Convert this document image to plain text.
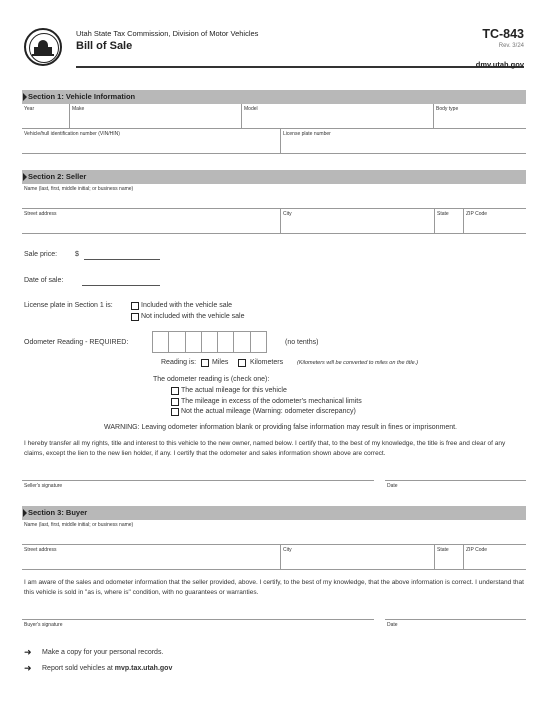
Utah State Tax Commission, Division of Motor Vehicles
Bill of Sale
TC-843
Rev. 3/24
dmv.utah.gov
Section 1: Vehicle Information
Year	Make	Model	Body type
Vehicle/hull identification number (VIN/HIN)	License plate number
Section 2: Seller
Name (last, first, middle initial; or business name)
Street address	City	State	ZIP Code
Sale price:	$
Date of sale:
License plate in Section 1 is:	Included with the vehicle sale
Not included with the vehicle sale
Odometer Reading - REQUIRED:	(no tenths)
Reading is: Miles	Kilometers	(Kilometers will be converted to miles on the title.)
The odometer reading is (check one):
The actual mileage for this vehicle
The mileage in excess of the odometer's mechanical limits
Not the actual mileage (Warning: odometer discrepancy)
WARNING: Leaving odometer information blank or providing false information may result in fines or imprisonment.
I hereby transfer all my rights, title and interest to this vehicle to the new owner, named below. I certify that, to the best of my knowledge, the title is free and clear of any claims, except the lien to the new lien holder, if any. I certify that the odometer and sales information shown above are correct.
Seller's signature	Date
Section 3: Buyer
Name (last, first, middle initial; or business name)
Street address	City	State	ZIP Code
I am aware of the sales and odometer information that the seller provided, above. I certify, to the best of my knowledge, that the above information is correct. I understand that this vehicle is sold in "as is, where is" condition, with no guarantees or warranties.
Buyer's signature	Date
➜ Make a copy for your personal records.
➜ Report sold vehicles at mvp.tax.utah.gov
